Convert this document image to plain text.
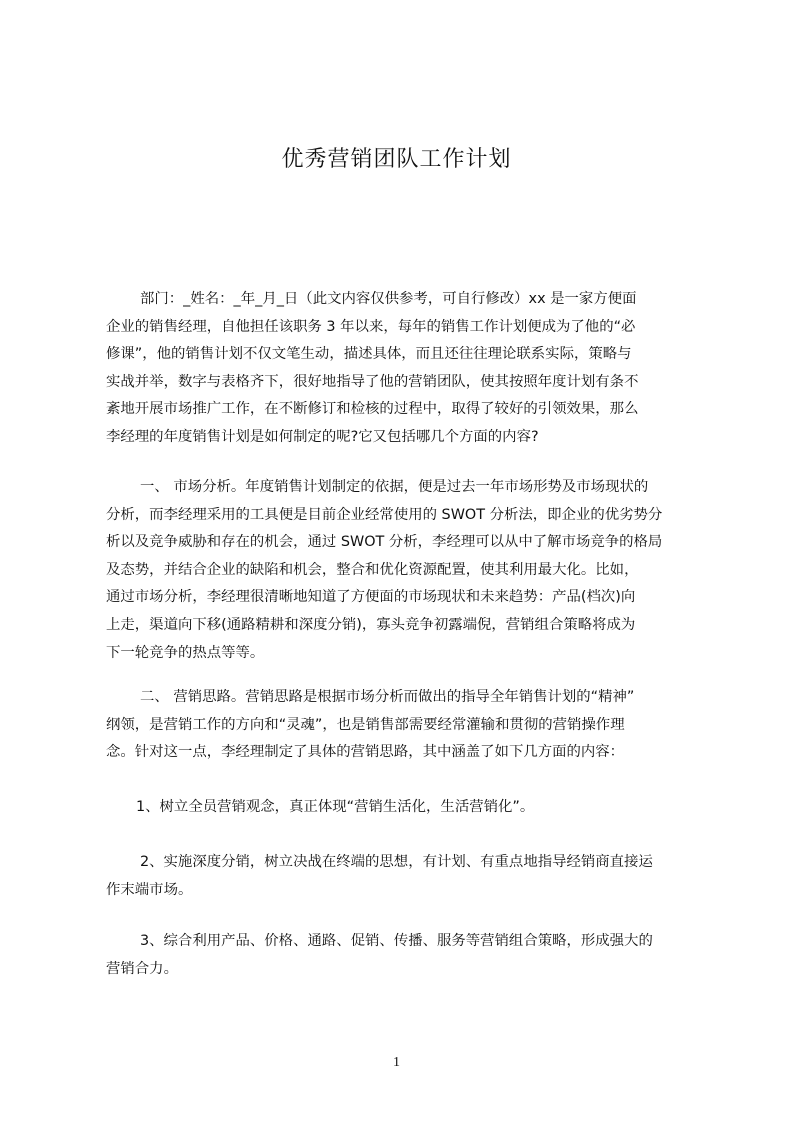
优秀营销团队工作计划

部门：_姓名：_年_月_日（此文内容仅供参考，可自行修改）xx 是一家方便面

企业的销售经理，自他担任该职务 3 年以来，每年的销售工作计划便成为了他的“必

修课”，他的销售计划不仅文笔生动，描述具体，而且还往往理论联系实际，策略与

实战并举，数字与表格齐下，很好地指导了他的营销团队，使其按照年度计划有条不

紊地开展市场推广工作，在不断修订和检核的过程中，取得了较好的引领效果，那么

李经理的年度销售计划是如何制定的呢?它又包括哪几个方面的内容?

一、 市场分析。年度销售计划制定的依据，便是过去一年市场形势及市场现状的

分析，而李经理采用的工具便是目前企业经常使用的 SWOT 分析法，即企业的优劣势分

析以及竞争威胁和存在的机会，通过 SWOT 分析，李经理可以从中了解市场竞争的格局

及态势，并结合企业的缺陷和机会，整合和优化资源配置，使其利用最大化。比如，

通过市场分析，李经理很清晰地知道了方便面的市场现状和未来趋势：产品(档次)向

上走，渠道向下移(通路精耕和深度分销)，寡头竞争初露端倪，营销组合策略将成为

下一轮竞争的热点等等。

二、 营销思路。营销思路是根据市场分析而做出的指导全年销售计划的“精神”

纲领，是营销工作的方向和“灵魂”，也是销售部需要经常灌输和贯彻的营销操作理

念。针对这一点，李经理制定了具体的营销思路，其中涵盖了如下几方面的内容：

1、树立全员营销观念，真正体现“营销生活化，生活营销化”。

2、实施深度分销，树立决战在终端的思想，有计划、有重点地指导经销商直接运

作末端市场。

3、综合利用产品、价格、通路、促销、传播、服务等营销组合策略，形成强大的

营销合力。

1
